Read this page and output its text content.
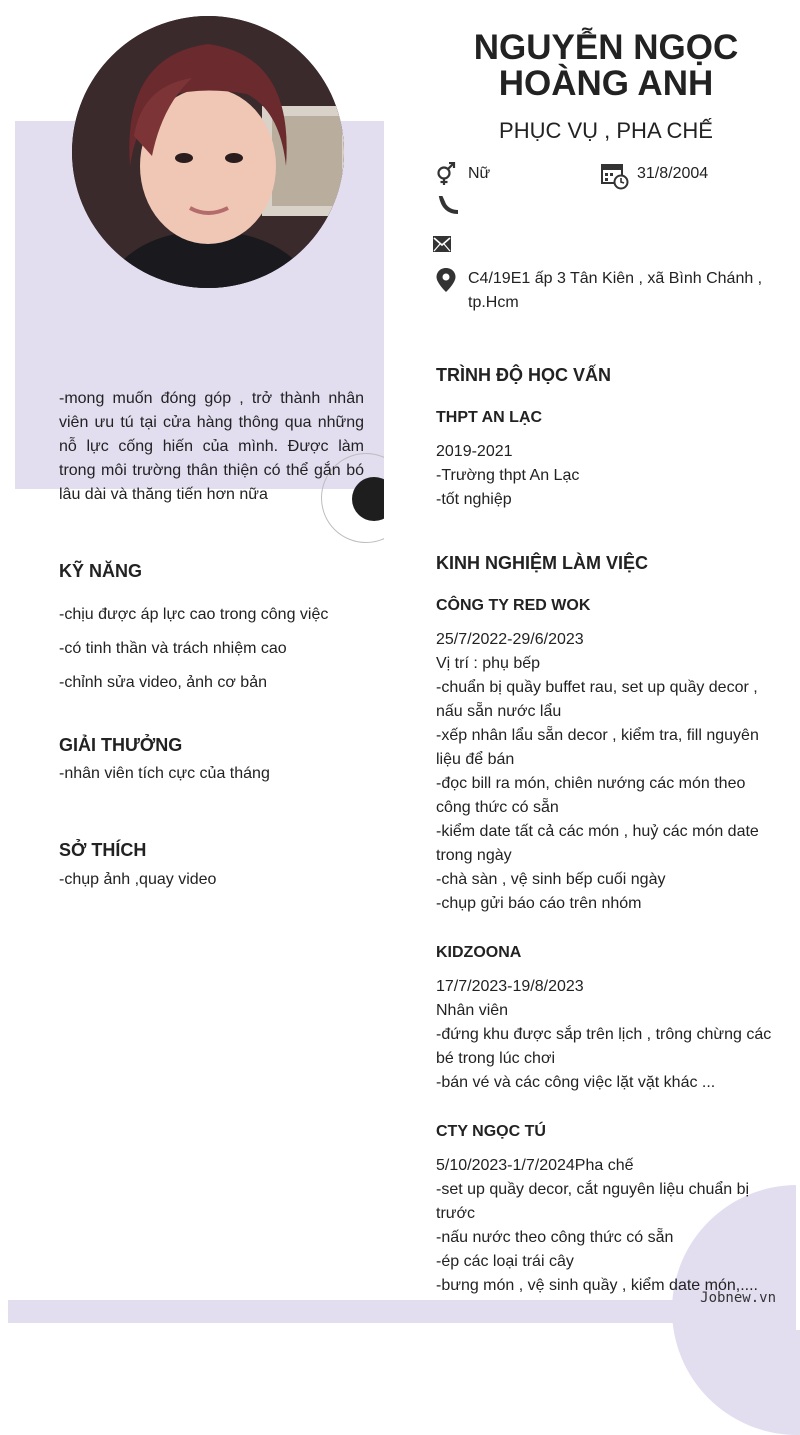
NGUYỄN NGỌC HOÀNG ANH
PHỤC VỤ , PHA CHẾ
Nữ	31/8/2004
C4/19E1 ấp 3 Tân Kiên , xã Bình Chánh , tp.Hcm
-mong muốn đóng góp , trở thành nhân viên ưu tú tại cửa hàng thông qua những nỗ lực cống hiến của mình. Được làm trong môi trường thân thiện có thể gắn bó lâu dài và thăng tiến hơn nữa
KỸ NĂNG
-chịu được áp lực cao trong công việc
-có tinh thần và trách nhiệm cao
-chỉnh sửa video, ảnh cơ bản
GIẢI THƯỞNG
-nhân viên tích cực của tháng
SỞ THÍCH
-chụp ảnh ,quay video
TRÌNH ĐỘ HỌC VẤN
THPT AN LẠC
2019-2021
-Trường thpt An Lạc
-tốt nghiệp
KINH NGHIỆM LÀM VIỆC
CÔNG TY RED WOK
25/7/2022-29/6/2023
Vị trí : phụ bếp
-chuẩn bị quầy buffet rau, set up quầy decor , nấu sẵn nước lẩu
-xếp nhân lẩu sẵn decor , kiểm tra, fill nguyên liệu để bán
-đọc bill ra món, chiên nướng các món theo công thức có sẵn
-kiểm date tất cả các món , huỷ các món date trong ngày
-chà sàn , vệ sinh bếp cuối ngày
-chụp gửi báo cáo trên nhóm
KIDZOONA
17/7/2023-19/8/2023
Nhân viên
-đứng khu được sắp trên lịch , trông chừng các bé trong lúc chơi
-bán vé và các công việc lặt vặt khác ...
CTY NGỌC TÚ
5/10/2023-1/7/2024Pha chế
-set up quầy decor, cắt nguyên liệu chuẩn bị trước
-nấu nước theo công thức có sẵn
-ép các loại trái cây
-bưng món , vệ sinh quầy , kiểm date món,....
Jobnew.vn
